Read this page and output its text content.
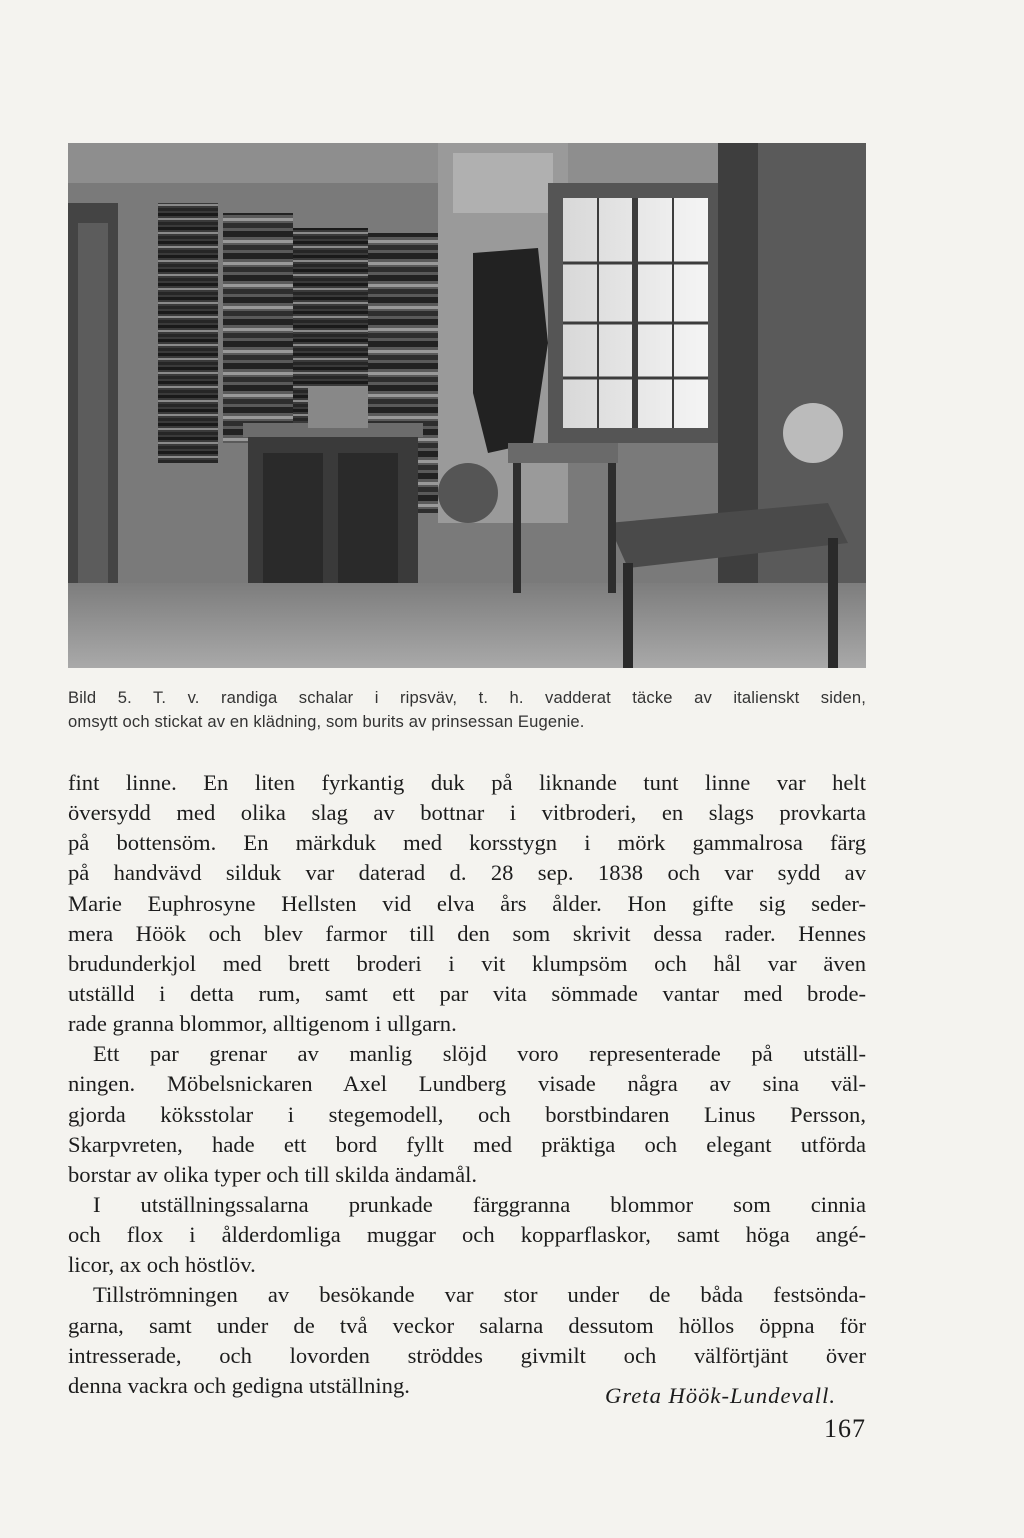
Bild 5. T. v. randiga schalar i ripsväv, t. h. vadderat täcke av italienskt siden,
omsytt och stickat av en klädning, som burits av prinsessan Eugenie.
fint linne. En liten fyrkantig duk på liknande tunt linne var helt
översydd med olika slag av bottnar i vitbroderi, en slags provkarta
på bottensöm. En märkduk med korsstygn i mörk gammalrosa färg
på handvävd silduk var daterad d. 28 sep. 1838 och var sydd av
Marie Euphrosyne Hellsten vid elva års ålder. Hon gifte sig seder-
mera Höök och blev farmor till den som skrivit dessa rader. Hennes
brudunderkjol med brett broderi i vit klumpsöm och hål var även
utställd i detta rum, samt ett par vita sömmade vantar med brode-
rade granna blommor, alltigenom i ullgarn.
Ett par grenar av manlig slöjd voro representerade på utställ-
ningen. Möbelsnickaren Axel Lundberg visade några av sina väl-
gjorda köksstolar i stegemodell, och borstbindaren Linus Persson,
Skarpvreten, hade ett bord fyllt med präktiga och elegant utförda
borstar av olika typer och till skilda ändamål.
I utställningssalarna prunkade färggranna blommor som cinnia
och flox i ålderdomliga muggar och kopparflaskor, samt höga angé-
licor, ax och höstlöv.
Tillströmningen av besökande var stor under de båda festsönda-
garna, samt under de två veckor salarna dessutom höllos öppna för
intresserade, och lovorden ströddes givmilt och välförtjänt över
denna vackra och gedigna utställning.	Greta Höök-Lundevall.
167
